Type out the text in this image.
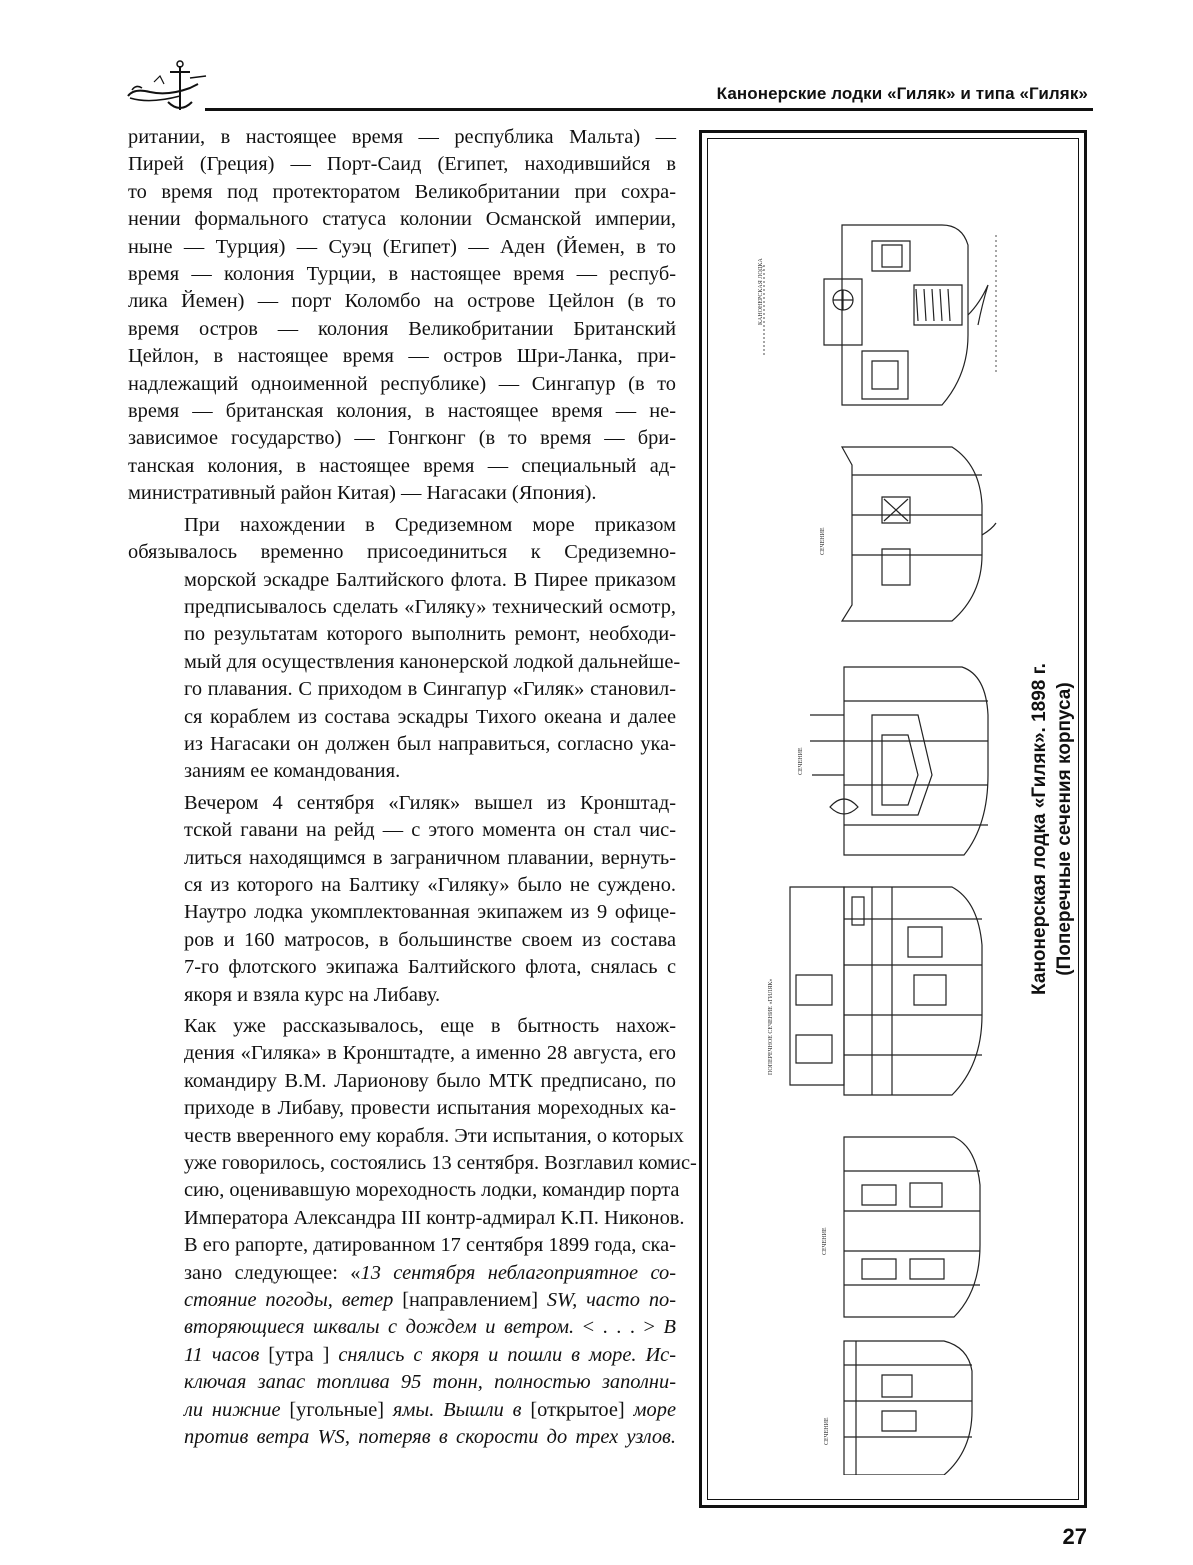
Канонерские лодки «Гиляк» и типа «Гиляк»

ритании, в настоящее время — республика Мальта) —
Пирей (Греция) — Порт-Саид (Египет, находившийся в
то время под протекторатом Великобритании при сохра-
нении формального статуса колонии Османской империи,
ныне — Турция) — Суэц (Египет) — Аден (Йемен, в то
время — колония Турции, в настоящее время — респуб-
лика Йемен) — порт Коломбо на острове Цейлон (в то
время остров — колония Великобритании Британский
Цейлон, в настоящее время — остров Шри-Ланка, при-
надлежащий одноименной республике) — Сингапур (в то
время — британская колония, в настоящее время — не-
зависимое государство) — Гонгконг (в то время — бри-
танская колония, в настоящее время — специальный ад-
министративный район Китая) — Нагасаки (Япония).

При нахождении в Средиземном море приказом
обязывалось временно присоединиться к Средиземно-
морской эскадре Балтийского флота. В Пирее приказом
предписывалось сделать «Гиляку» технический осмотр,
по результатам которого выполнить ремонт, необходи-
мый для осуществления канонерской лодкой дальнейше-
го плавания. С приходом в Сингапур «Гиляк» становил-
ся кораблем из состава эскадры Тихого океана и далее
из Нагасаки он должен был направиться, согласно ука-
заниям ее командования.

Вечером 4 сентября «Гиляк» вышел из Кронштад-
тской гавани на рейд — с этого момента он стал чис-
литься находящимся в заграничном плавании, вернуть-
ся из которого на Балтику «Гиляку» было не суждено.
Наутро лодка укомплектованная экипажем из 9 офице-
ров и 160 матросов, в большинстве своем из состава
7-го флотского экипажа Балтийского флота, снялась с
якоря и взяла курс на Либаву.

Как уже рассказывалось, еще в бытность нахож-
дения «Гиляка» в Кронштадте, а именно 28 августа, его
командиру В.М. Ларионову было МТК предписано, по
приходе в Либаву, провести испытания мореходных ка-
честв вверенного ему корабля. Эти испытания, о которых
уже говорилось, состоялись 13 сентября. Возглавил комис-
сию, оценивавшую мореходность лодки, командир порта
Императора Александра III контр-адмирал К.П. Никонов.
В его рапорте, датированном 17 сентября 1899 года, ска-
зано следующее: «13 сентября неблагоприятное со-
стояние погоды, ветер [направлением] SW, часто по-
вторяющиеся шквалы с дождем и ветром. < . . . > В
11 часов [утра ] снялись с якоря и пошли в море. Ис-
ключая запас топлива 95 тонн, полностью заполни-
ли нижние [угольные] ямы. Вышли в [открытое] море
против ветра WS, потеряв в скорости до трех узлов.

КАНОНЕРСКАЯ ЛОДКА
СЕЧЕНИЕ
СЕЧЕНИЕ
ПОПЕРЕЧНОЕ СЕЧЕНИЕ «ГИЛЯК»
СЕЧЕНИЕ
СЕЧЕНИЕ
Канонерская лодка «Гиляк». 1898 г. (Поперечные сечения корпуса)
27
